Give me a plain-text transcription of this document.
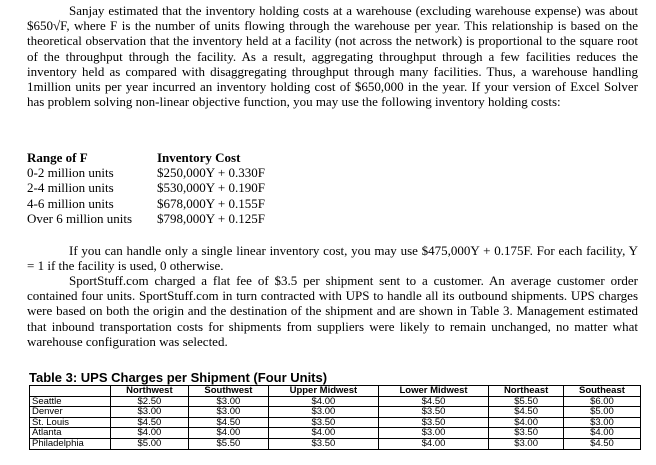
Sanjay estimated that the inventory holding costs at a warehouse (excluding warehouse expense) was about $650√F, where F is the number of units flowing through the warehouse per year. This relationship is based on the theoretical observation that the inventory held at a facility (not across the network) is proportional to the square root of the throughput through the facility. As a result, aggregating throughput through a few facilities reduces the inventory held as compared with disaggregating throughput through many facilities. Thus, a warehouse handling 1million units per year incurred an inventory holding cost of $650,000 in the year. If your version of Excel Solver has problem solving non-linear objective function, you may use the following inventory holding costs:

Range of F	Inventory Cost
0-2 million units	$250,000Y + 0.330F
2-4 million units	$530,000Y + 0.190F
4-6 million units	$678,000Y + 0.155F
Over 6 million units	$798,000Y + 0.125F

If you can handle only a single linear inventory cost, you may use $475,000Y + 0.175F. For each facility, Y = 1 if the facility is used, 0 otherwise.

SportStuff.com charged a flat fee of $3.5 per shipment sent to a customer. An average customer order contained four units. SportStuff.com in turn contracted with UPS to handle all its outbound shipments. UPS charges were based on both the origin and the destination of the shipment and are shown in Table 3. Management estimated that inbound transportation costs for shipments from suppliers were likely to remain unchanged, no matter what warehouse configuration was selected.

Table 3: UPS Charges per Shipment (Four Units)
	Northwest	Southwest	Upper Midwest	Lower Midwest	Northeast	Southeast
Seattle	$2.50	$3.00	$4.00	$4.50	$5.50	$6.00
Denver	$3.00	$3.00	$3.00	$3.50	$4.50	$5.00
St. Louis	$4.50	$4.50	$3.50	$3.50	$4.00	$3.00
Atlanta	$4.00	$4.00	$4.00	$3.00	$3.50	$4.00
Philadelphia	$5.00	$5.50	$3.50	$4.00	$3.00	$4.50
